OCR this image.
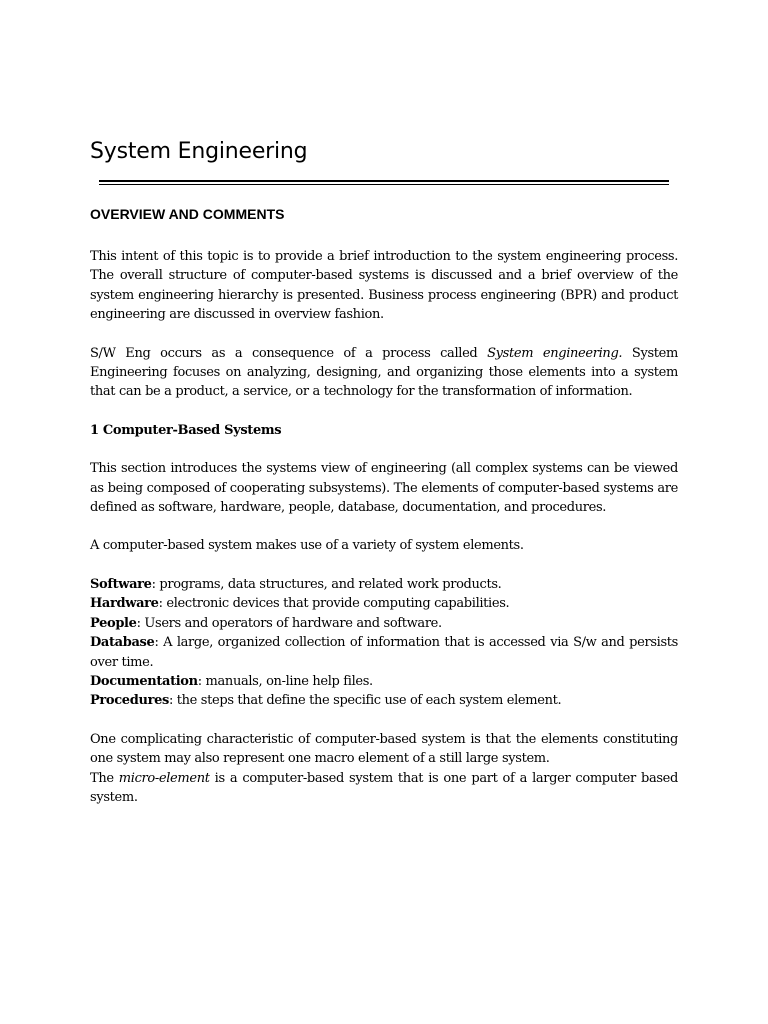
System Engineering
OVERVIEW AND COMMENTS

This intent of this topic is to provide a brief introduction to the system engineering process. The overall structure of computer-based systems is discussed and a brief overview of the system engineering hierarchy is presented. Business process engineering (BPR) and product engineering are discussed in overview fashion.

S/W Eng occurs as a consequence of a process called System engineering. System Engineering focuses on analyzing, designing, and organizing those elements into a system that can be a product, a service, or a technology for the transformation of information.

1 Computer-Based Systems

This section introduces the systems view of engineering (all complex systems can be viewed as being composed of cooperating subsystems). The elements of computer-based systems are defined as software, hardware, people, database, documentation, and procedures.

A computer-based system makes use of a variety of system elements.

Software: programs, data structures, and related work products.

Hardware: electronic devices that provide computing capabilities.

People: Users and operators of hardware and software.

Database: A large, organized collection of information that is accessed via S/w and persists over time.

Documentation: manuals, on-line help files.

Procedures: the steps that define the specific use of each system element.

One complicating characteristic of computer-based system is that the elements constituting one system may also represent one macro element of a still large system.

The micro-element is a computer-based system that is one part of a larger computer based system.
